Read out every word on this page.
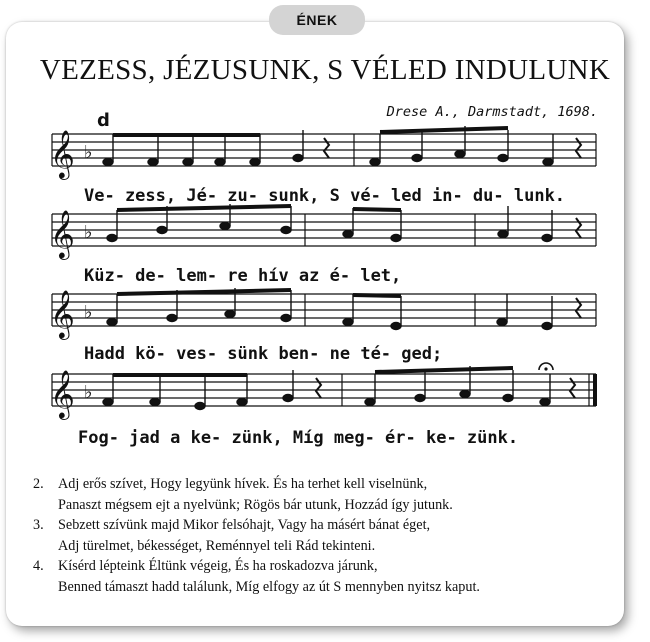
ÉNEK
VEZESS, JÉZUSUNK, S VÉLED INDULUNK
Drese A., Darmstadt, 1698.
d
𝄞 ♭
Ve- zess, Jé- zu- sunk, S vé- led in- du- lunk.
𝄞 ♭
Küz- de- lem- re hív az é- let,
𝄞 ♭
Hadd kö- ves- sünk ben- ne té- ged;
𝄞 ♭
Fog- jad a ke- zünk, Míg meg- ér- ke- zünk.
2. Adj erős szívet, Hogy legyünk hívek. És ha terhet kell viselnünk,
Panaszt mégsem ejt a nyelvünk; Rögös bár utunk, Hozzád így jutunk.
3. Sebzett szívünk majd Mikor felsóhajt, Vagy ha másért bánat éget,
Adj türelmet, békességet, Reménnyel teli Rád tekinteni.
4. Kísérd lépteink Éltünk végeig, És ha roskadozva járunk,
Benned támaszt hadd találunk, Míg elfogy az út S mennyben nyitsz kaput.
